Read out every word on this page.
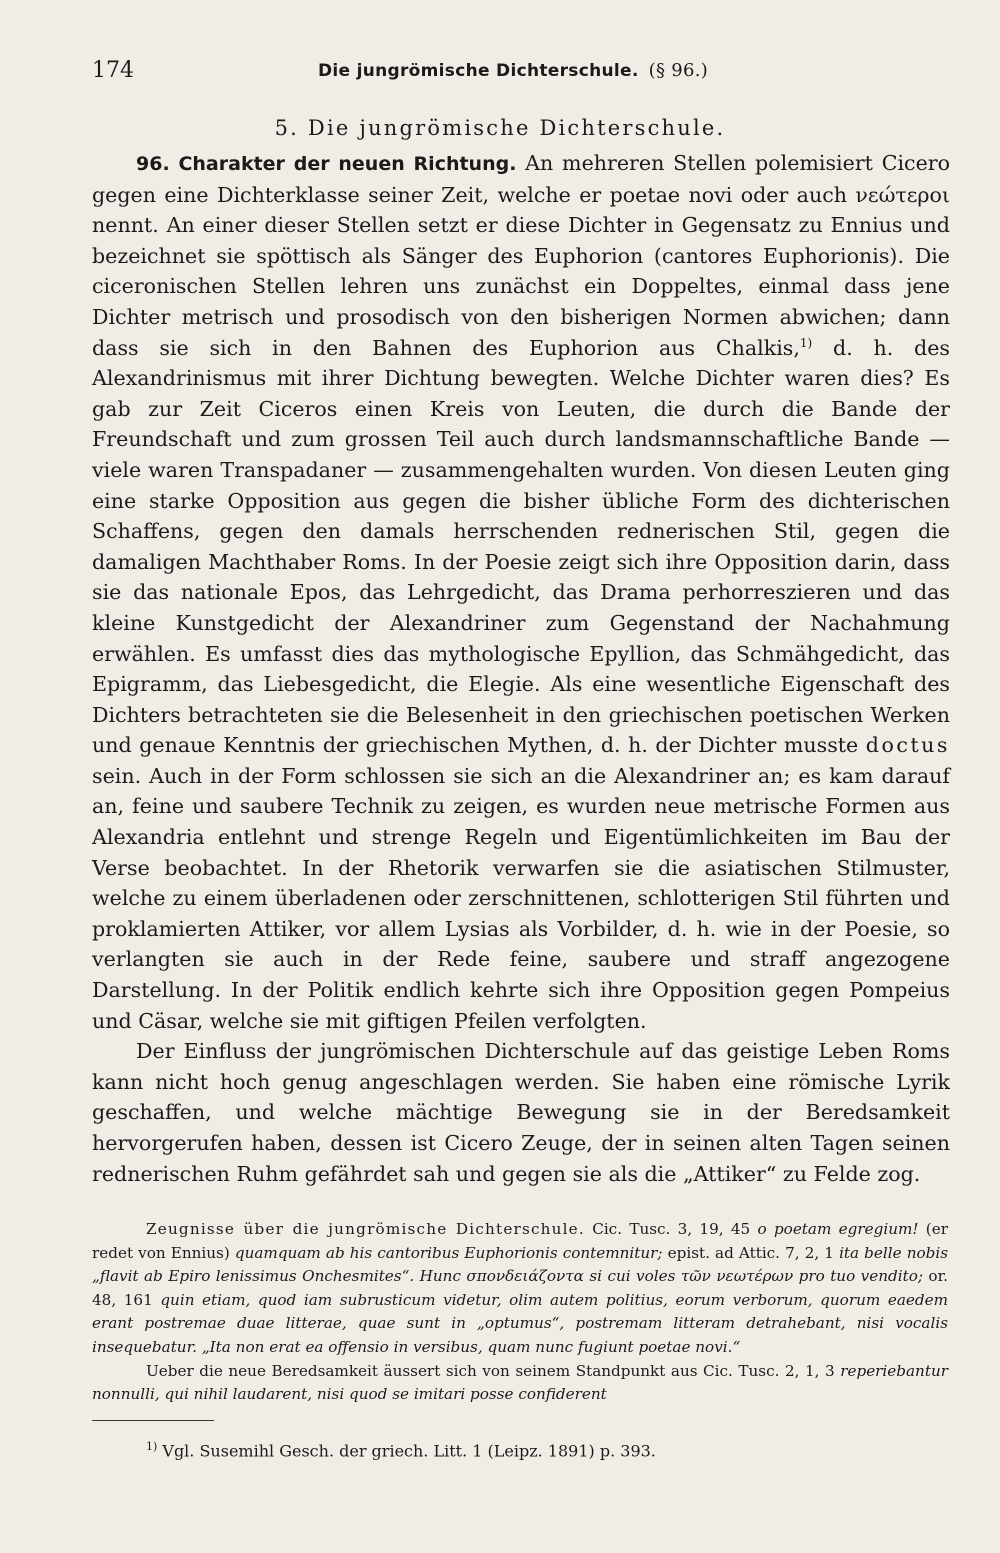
174	Die jungrömische Dichterschule. (§ 96.)
5. Die jungrömische Dichterschule.

96. Charakter der neuen Richtung. An mehreren Stellen polemisiert Cicero gegen eine Dichterklasse seiner Zeit, welche er poetae novi oder auch νεώτεροι nennt. An einer dieser Stellen setzt er diese Dichter in Gegensatz zu Ennius und bezeichnet sie spöttisch als Sänger des Euphorion (cantores Euphorionis). Die ciceronischen Stellen lehren uns zunächst ein Doppeltes, einmal dass jene Dichter metrisch und prosodisch von den bisherigen Normen abwichen; dann dass sie sich in den Bahnen des Euphorion aus Chalkis,$^{1)}$ d. h. des Alexandrinismus mit ihrer Dichtung bewegten. Welche Dichter waren dies? Es gab zur Zeit Ciceros einen Kreis von Leuten, die durch die Bande der Freundschaft und zum grossen Teil auch durch landsmannschaftliche Bande — viele waren Transpadaner — zusammengehalten wurden. Von diesen Leuten ging eine starke Opposition aus gegen die bisher übliche Form des dichterischen Schaffens, gegen den damals herrschenden rednerischen Stil, gegen die damaligen Machthaber Roms. In der Poesie zeigt sich ihre Opposition darin, dass sie das nationale Epos, das Lehrgedicht, das Drama perhorreszieren und das kleine Kunstgedicht der Alexandriner zum Gegenstand der Nachahmung erwählen. Es umfasst dies das mythologische Epyllion, das Schmähgedicht, das Epigramm, das Liebesgedicht, die Elegie. Als eine wesentliche Eigenschaft des Dichters betrachteten sie die Belesenheit in den griechischen poetischen Werken und genaue Kenntnis der griechischen Mythen, d. h. der Dichter musste doctus sein. Auch in der Form schlossen sie sich an die Alexandriner an; es kam darauf an, feine und saubere Technik zu zeigen, es wurden neue metrische Formen aus Alexandria entlehnt und strenge Regeln und Eigentümlichkeiten im Bau der Verse beobachtet. In der Rhetorik verwarfen sie die asiatischen Stilmuster, welche zu einem überladenen oder zerschnittenen, schlotterigen Stil führten und proklamierten Attiker, vor allem Lysias als Vorbilder, d. h. wie in der Poesie, so verlangten sie auch in der Rede feine, saubere und straff angezogene Darstellung. In der Politik endlich kehrte sich ihre Opposition gegen Pompeius und Cäsar, welche sie mit giftigen Pfeilen verfolgten.

Der Einfluss der jungrömischen Dichterschule auf das geistige Leben Roms kann nicht hoch genug angeschlagen werden. Sie haben eine römische Lyrik geschaffen, und welche mächtige Bewegung sie in der Beredsamkeit hervorgerufen haben, dessen ist Cicero Zeuge, der in seinen alten Tagen seinen rednerischen Ruhm gefährdet sah und gegen sie als die „Attiker“ zu Felde zog.

Zeugnisse über die jungrömische Dichterschule. Cic. Tusc. 3, 19, 45 o poetam egregium! (er redet von Ennius) quamquam ab his cantoribus Euphorionis contemnitur; epist. ad Attic. 7, 2, 1 ita belle nobis „flavit ab Epiro lenissimus Onchesmites“. Hunc σπονδειάζοντα si cui voles τῶν νεωτέρων pro tuo vendito; or. 48, 161 quin etiam, quod iam subrusticum videtur, olim autem politius, eorum verborum, quorum eaedem erant postremae duae litterae, quae sunt in „optumus“, postremam litteram detrahebant, nisi vocalis insequebatur. „Ita non erat ea offensio in versibus, quam nunc fugiunt poetae novi.“

Ueber die neue Beredsamkeit äussert sich von seinem Standpunkt aus Cic. Tusc. 2, 1, 3 reperiebantur nonnulli, qui nihil laudarent, nisi quod se imitari posse confiderent

$^{1)}$ Vgl. Susemihl Gesch. der griech. Litt. 1 (Leipz. 1891) p. 393.
